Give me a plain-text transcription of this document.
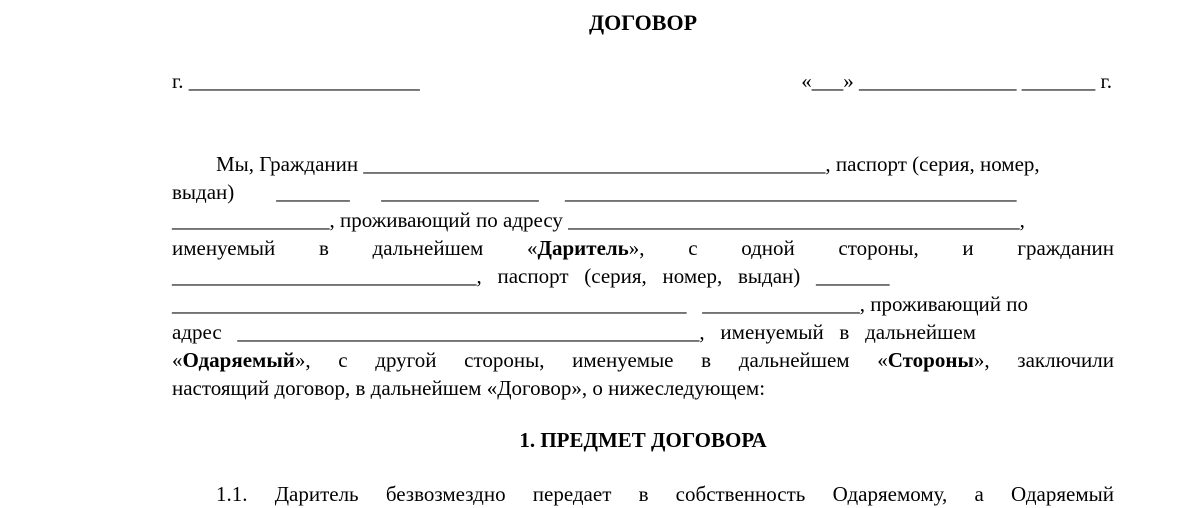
ДОГОВОР
г. ______________________	«___» _______________ _______ г.

Мы, Гражданин ____________________________________________, паспорт (серия, номер,

выдан)        _______      _______________     ___________________________________________

_______________, проживающий по адресу ___________________________________________,

именуемый в дальнейшем «Даритель», с одной стороны, и гражданин

_____________________________,   паспорт   (серия,   номер,   выдан)   _______

_________________________________________________   _______________, проживающий по

адрес   ____________________________________________,   именуемый   в   дальнейшем

«Одаряемый», с другой стороны, именуемые в дальнейшем «Стороны», заключили

настоящий договор, в дальнейшем «Договор», о нижеследующем:

1. ПРЕДМЕТ ДОГОВОРА

1.1. Даритель безвозмездно передает в собственность Одаряемому, а Одаряемый
